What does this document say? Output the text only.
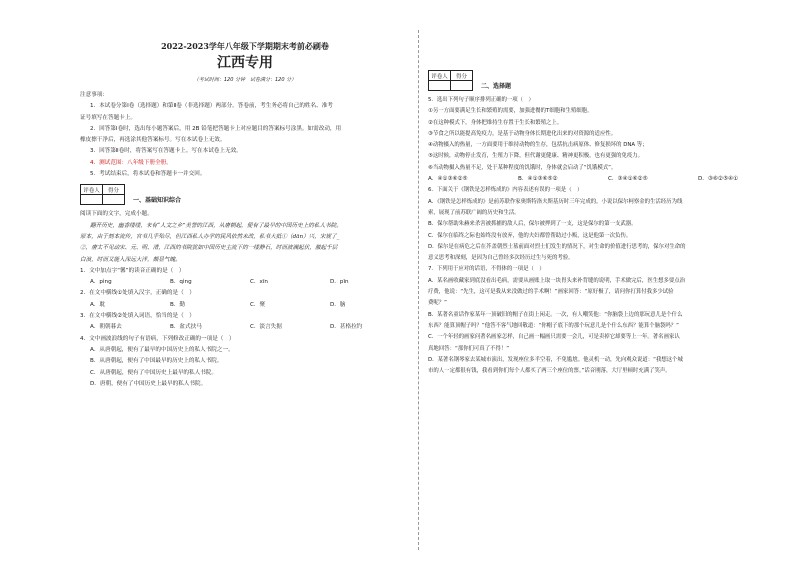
2022-2023学年八年级下学期期末考前必刷卷
江西专用
（考试时间：120 分钟　试卷满分：120 分）
注意事项：
1．本试卷分第Ⅰ卷（选择题）和第Ⅱ卷（非选择题）两部分。答卷前，考生务必将自己的姓名、准考
证号填写在答题卡上。
2．回答第Ⅰ卷时，选出每小题答案后，用 2B 铅笔把答题卡上对应题目的答案标号涂黑。如需改动，用
橡皮擦干净后，再选涂其他答案标号。写在本试卷上无效。
3．回答第Ⅱ卷时，将答案写在答题卡上。写在本试卷上无效。
4．测试范围：八年级下册全册。
5．考试结束后，将本试卷和答题卡一并交回。
评卷人	得分

一、基础知识综合
阅读下面的文字，完成小题。
翻开历史，幽香缕缕，来有“人文之乡”美誉的江西，从唐朝起，便有了最早的中国历史上的私人书院。
原本，由于刻本流传，官书几乎殆尽，但江西私人办学的民风依然未改，私书大抵①（dān）兴，宋规了_
②，唐太不见动宋、元、明、清，江西的书院犹如中国历史主流下的一缕静石，时而波澜起伏，激起千层
白浪，时而又能入深远大洋，颇显气魄。
1．文中加点字“馨”的读音正确的是（　）
A．pìng	B．qìng	C．xīn	D．pīn
2．在文中横线①处填入汉字，正确的是（　）
A．耽	B．勤	C．聚	D．脑
3．在文中横线②处填入词语，恰当的是（　）
A．朝朝暮去	B．盆式扶马	C．淡言失据	D．甚格拉钓
4．文中画波浪线的句子有语病，下列修改正确的一项是（　）
A．从唐朝起，便有了最早的中国历史上的私人书院之一。
B．从唐朝起，便有了中国最早的历史上的私人书院。
C．从唐朝起，便有了中国历史上最早的私人书院。
D．唐朝，便有了中国历史上最早的私人书院。
评卷人	得分

二、选择题
5．选出下列句子顺序排列正确的一项（　）
①另一方面要满足生长和繁殖的需要，加强进餐的T细胞和生殖细胞。
②在这种模式下，身体把维持生存置于生长和繁殖之上。
③节食之所以能提高免疫力，是基于动物身体长期进化出来的对资源的适应性。
④动物摄入的热量，一方面要用于维持动物的生存，包括抗击病原体、修复损坏的 DNA 等；
⑤这时候，动物停止发育，生殖力下降，但代谢更健康、精神更积极，也有更强的免疫力。
⑥当动物摄入热量不足，处于某种程度的饥饿时，身体就会启动了“饥饿模式”。
A．④①③⑥②⑤	B．④①③⑥⑤②	C．③④①⑥②⑤	D．③⑥②⑤④①
6．下面关于《钢铁是怎样炼成的》内容表述有误的一项是（　）
A．《钢铁是怎样炼成的》是前苏联作家奥斯特洛夫斯基历时三年完成的，小说以保尔柯察金的生活经历为线
索，展现了前苏联广阔的历史和生活。
B．保尔帮助朱赫来杀害被抓捕的敌人后，保尔被押到了一支，这是保尔的第一支武器。
C．保尔在临终之际也始终没有放弃，他的夫妇都曾帮助过小贩，这是他第一次负伤。
D．保尔是在病危之后在芥盖朝烈士墓前面对烈士们发生的情况下，对生命的价值进行思考的，保尔对生命的
意义思考和深刻，是因为自己曾经多次经历过生与死的考验。
7．下列用于应对的话语，不得体的一项是（　）
A．某名画收藏家到底没看出毛病，需要从画账上取一块胃头来补背缝的说明，手术做完后，医生想多要点治
疗费，他说：“先生，这可是我从来没做过的手术啊！”画家回答：“原好极了，请问你打算付我多少试验
费呢？”
B．某著名童话作家某年一顶破旧的帽子在街上闲走。一次，有人嘲笑他：“你脑袋上边的那玩意儿是个什么
东西？能算顶帽子吗？”他答不客气地回敬道：“你帽子底下的那个玩意儿是个什么东西？能算个脑袋吗？”
C．一个年轻的画家问著名画家怎样，自己画一幅画只需要一会儿，可是卖掉它却要等上一年。著名画家认
真地回答：“那你们可真了不得！”
D．某著名钢琴家去某城市演出，发现座位多半空着，不免尴尬。他灵机一动，先向观众说道：“我想这个城
市的人一定都很有钱，我看到你们每个人都买了两三个座位的票。”话音刚落，大厅里顿时充满了笑声。
